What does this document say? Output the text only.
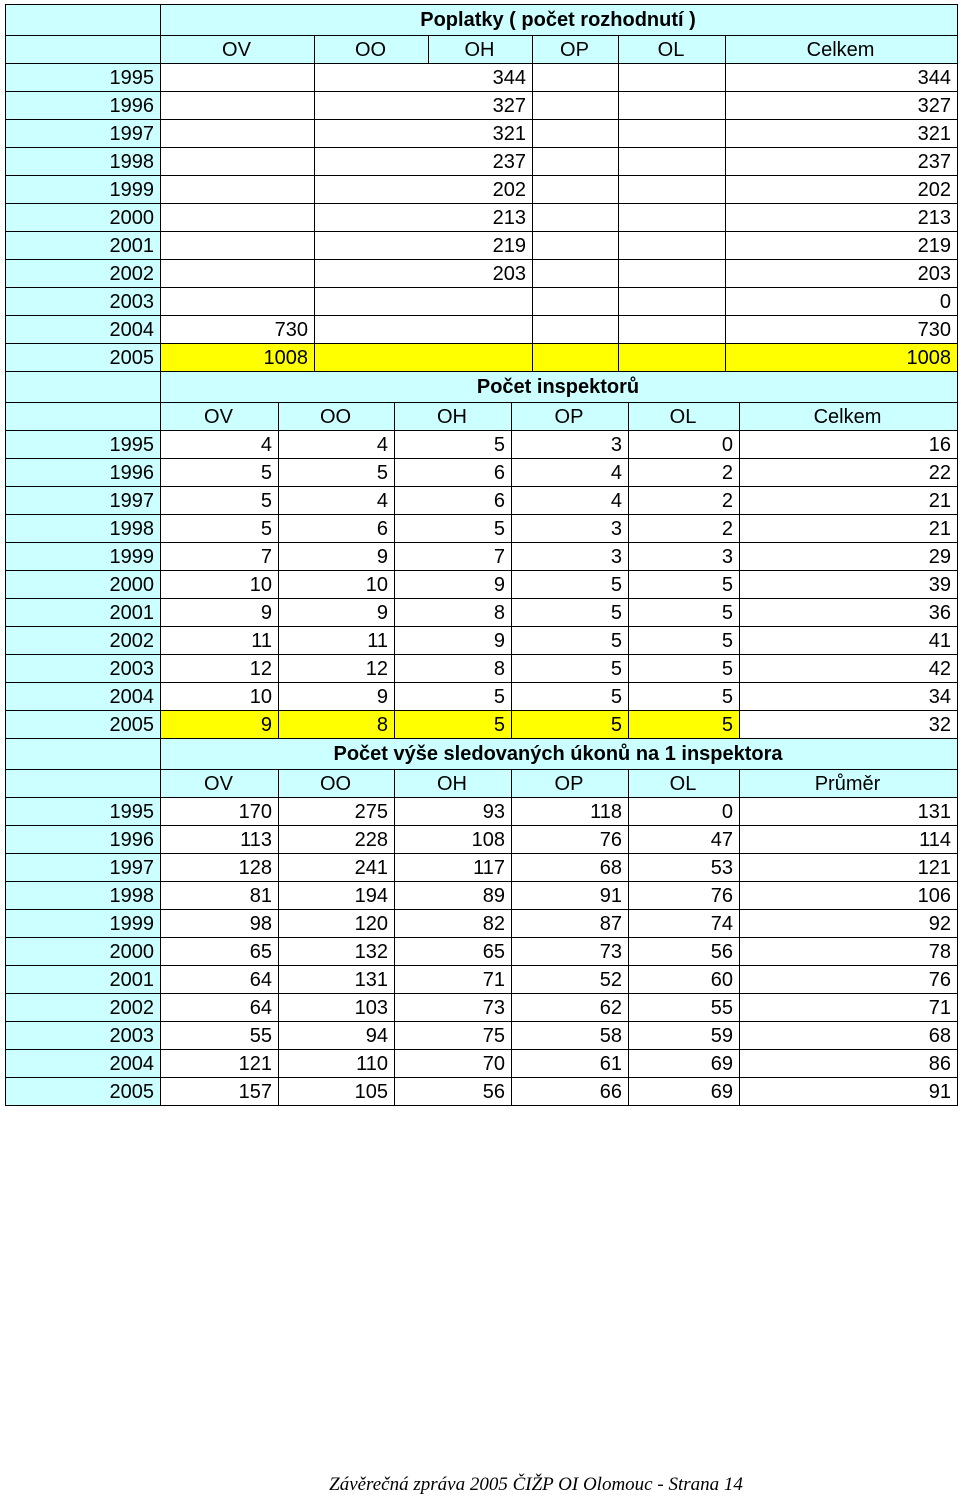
	Poplatky ( počet rozhodnutí )					
	OV	OO	OH	OP	OL	Celkem
1995		344				344
1996		327				327
1997		321				321
1998		237				237
1999		202				202
2000		213				213
2001		219				219
2002		203				203
2003						0
2004	730					730
2005	1008					1008
	Počet inspektorů					
	OV	OO	OH	OP	OL	Celkem
1995	4	4	5	3	0	16
1996	5	5	6	4	2	22
1997	5	4	6	4	2	21
1998	5	6	5	3	2	21
1999	7	9	7	3	3	29
2000	10	10	9	5	5	39
2001	9	9	8	5	5	36
2002	11	11	9	5	5	41
2003	12	12	8	5	5	42
2004	10	9	5	5	5	34
2005	9	8	5	5	5	32
	Počet výše sledovaných úkonů na 1 inspektora					
	OV	OO	OH	OP	OL	Průměr
1995	170	275	93	118	0	131
1996	113	228	108	76	47	114
1997	128	241	117	68	53	121
1998	81	194	89	91	76	106
1999	98	120	82	87	74	92
2000	65	132	65	73	56	78
2001	64	131	71	52	60	76
2002	64	103	73	62	55	71
2003	55	94	75	58	59	68
2004	121	110	70	61	69	86
2005	157	105	56	66	69	91
Závěrečná zpráva 2005 ČIŽP OI Olomouc - Strana 14
